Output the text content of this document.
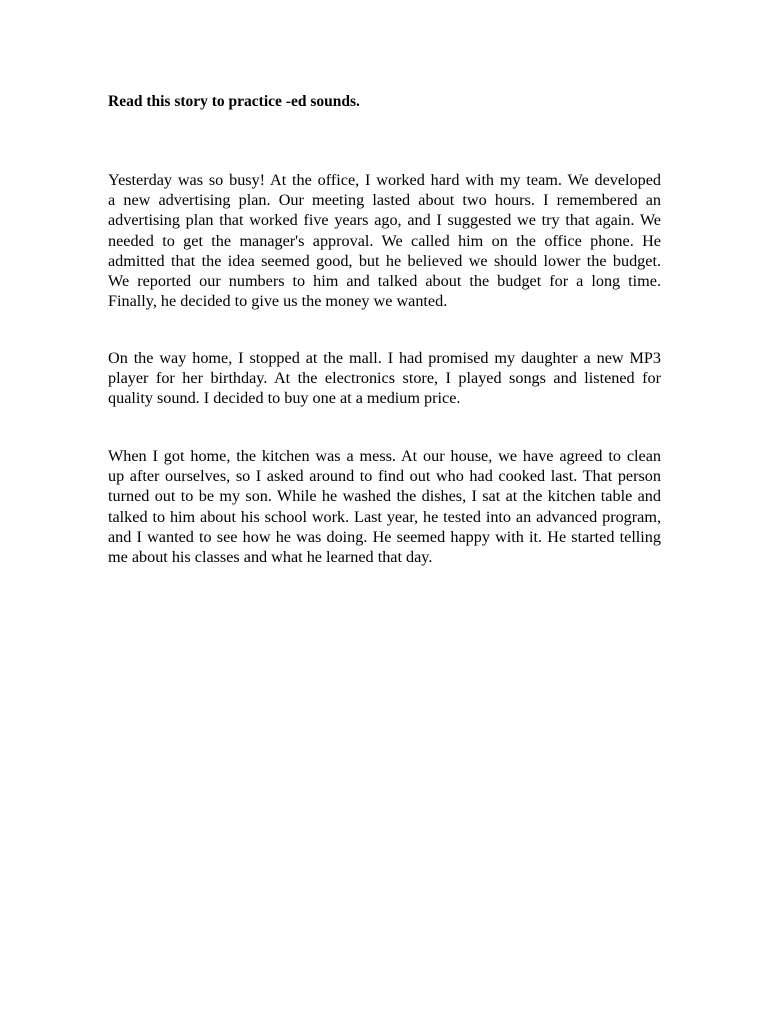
Read this story to practice -ed sounds.

Yesterday was so busy! At the office, I worked hard with my team. We developed
a new advertising plan. Our meeting lasted about two hours. I remembered an
advertising plan that worked five years ago, and I suggested we try that again. We
needed to get the manager's approval. We called him on the office phone. He
admitted that the idea seemed good, but he believed we should lower the budget.
We reported our numbers to him and talked about the budget for a long time.
Finally, he decided to give us the money we wanted.
On the way home, I stopped at the mall. I had promised my daughter a new MP3
player for her birthday. At the electronics store, I played songs and listened for
quality sound. I decided to buy one at a medium price.
When I got home, the kitchen was a mess. At our house, we have agreed to clean
up after ourselves, so I asked around to find out who had cooked last. That person
turned out to be my son. While he washed the dishes, I sat at the kitchen table and
talked to him about his school work. Last year, he tested into an advanced program,
and I wanted to see how he was doing. He seemed happy with it. He started telling
me about his classes and what he learned that day.
